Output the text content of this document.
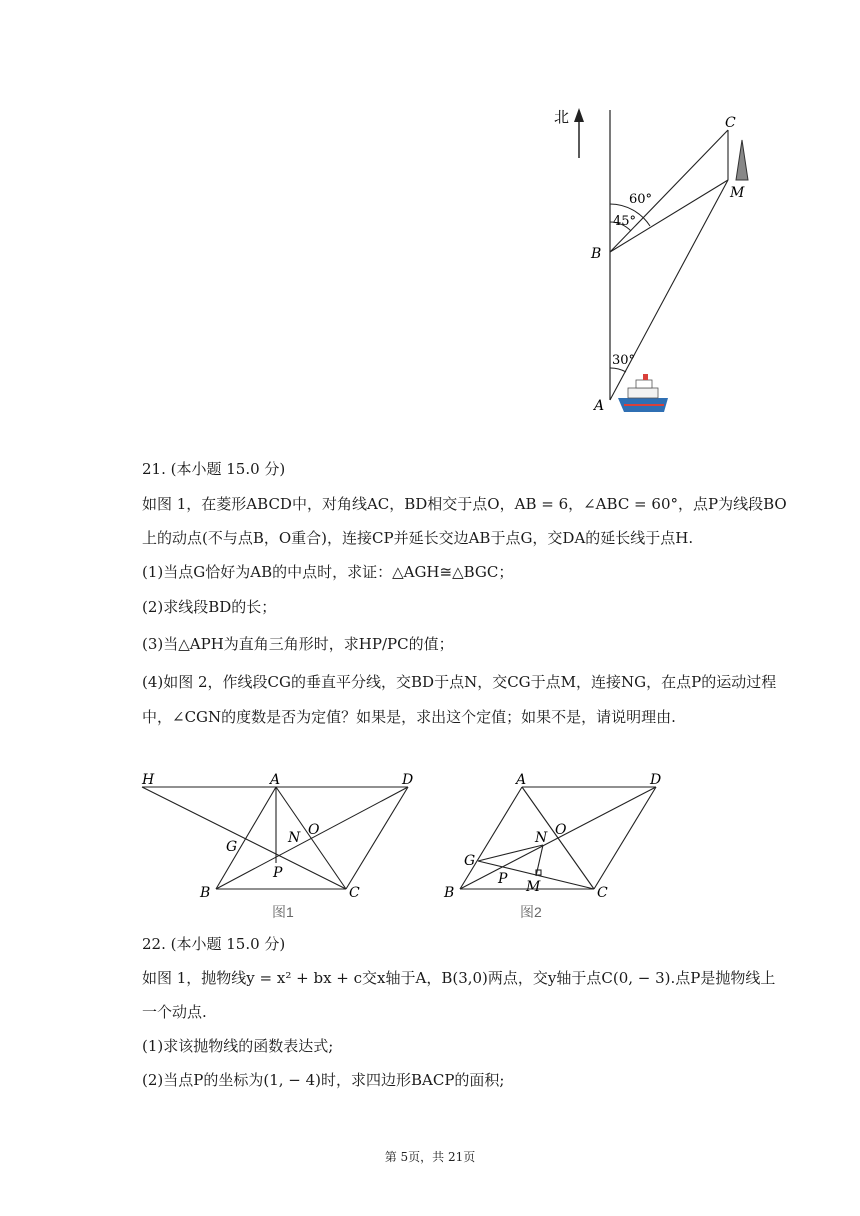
北	C
M
B
A
60°
45°
30°
21. (本小题 15.0 分)
如图 1，在菱形ABCD中，对角线AC，BD相交于点O，AB = 6，∠ABC = 60°，点P为线段BO
上的动点(不与点B，O重合)，连接CP并延长交边AB于点G，交DA的延长线于点H.
(1)当点G恰好为AB的中点时，求证：△AGH≅△BGC；
(2)求线段BD的长；
(3)当△APH为直角三角形时，求HP/PC的值；
(4)如图 2，作线段CG的垂直平分线，交BD于点N，交CG于点M，连接NG，在点P的运动过程
中，∠CGN的度数是否为定值？如果是，求出这个定值；如果不是，请说明理由.
H	A	D
G
N O
P
B	C
图1
A	D
N O
G
P M
B	C
图2
22. (本小题 15.0 分)
如图 1，抛物线y = x² + bx + c交x轴于A，B(3,0)两点，交y轴于点C(0, − 3).点P是抛物线上
一个动点.
(1)求该抛物线的函数表达式;
(2)当点P的坐标为(1, − 4)时，求四边形BACP的面积;
第 5页，共 21页
